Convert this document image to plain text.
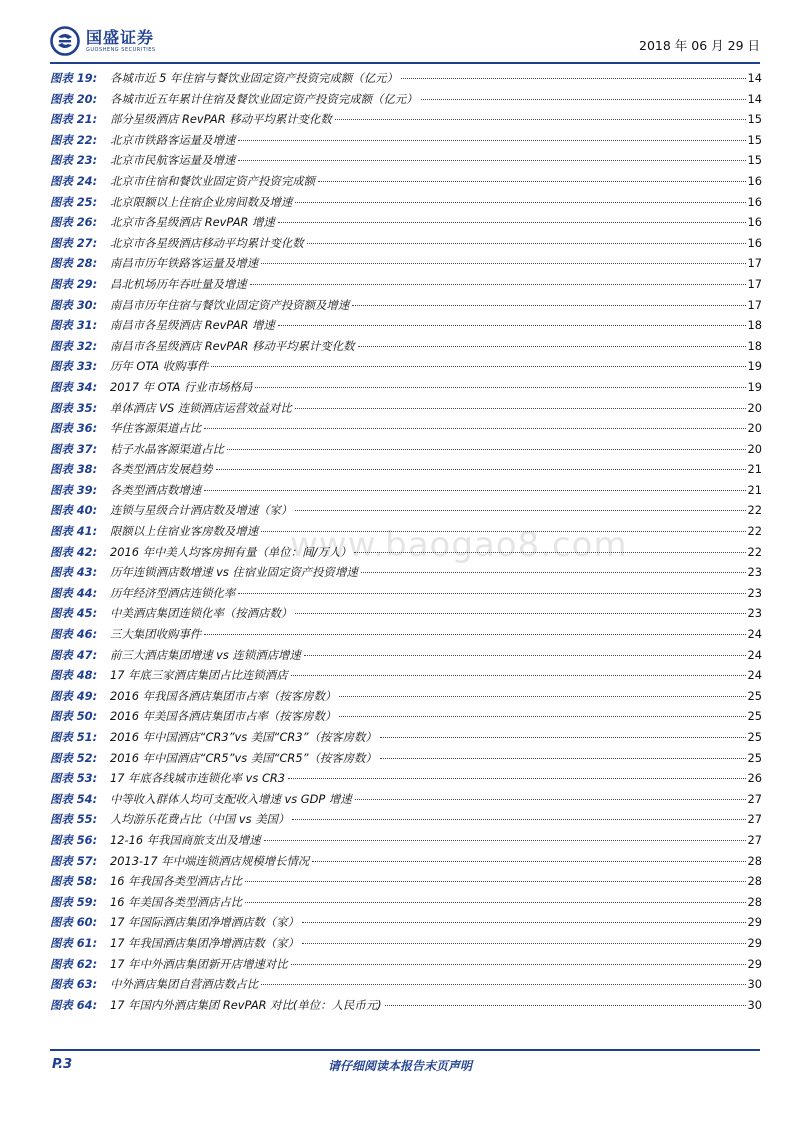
国盛证券
GUOSHENG SECURITIES	2018 年 06 月 29 日
www.baogao8.com
图表 19:	各城市近 5 年住宿与餐饮业固定资产投资完成额（亿元）	14
图表 20:	各城市近五年累计住宿及餐饮业固定资产投资完成额（亿元）	14
图表 21:	部分星级酒店 RevPAR 移动平均累计变化数	15
图表 22:	北京市铁路客运量及增速	15
图表 23:	北京市民航客运量及增速	15
图表 24:	北京市住宿和餐饮业固定资产投资完成额	16
图表 25:	北京限额以上住宿企业房间数及增速	16
图表 26:	北京市各星级酒店 RevPAR 增速	16
图表 27:	北京市各星级酒店移动平均累计变化数	16
图表 28:	南昌市历年铁路客运量及增速	17
图表 29:	昌北机场历年吞吐量及增速	17
图表 30:	南昌市历年住宿与餐饮业固定资产投资额及增速	17
图表 31:	南昌市各星级酒店 RevPAR 增速	18
图表 32:	南昌市各星级酒店 RevPAR 移动平均累计变化数	18
图表 33:	历年 OTA 收购事件	19
图表 34:	2017 年 OTA 行业市场格局	19
图表 35:	单体酒店 VS 连锁酒店运营效益对比	20
图表 36:	华住客源渠道占比	20
图表 37:	桔子水晶客源渠道占比	20
图表 38:	各类型酒店发展趋势	21
图表 39:	各类型酒店数增速	21
图表 40:	连锁与星级合计酒店数及增速（家）	22
图表 41:	限额以上住宿业客房数及增速	22
图表 42:	2016 年中美人均客房拥有量（单位：间/万人）	22
图表 43:	历年连锁酒店数增速 vs 住宿业固定资产投资增速	23
图表 44:	历年经济型酒店连锁化率	23
图表 45:	中美酒店集团连锁化率（按酒店数）	23
图表 46:	三大集团收购事件	24
图表 47:	前三大酒店集团增速 vs 连锁酒店增速	24
图表 48:	17 年底三家酒店集团占比连锁酒店	24
图表 49:	2016 年我国各酒店集团市占率（按客房数）	25
图表 50:	2016 年美国各酒店集团市占率（按客房数）	25
图表 51:	2016 年中国酒店“CR3”vs 美国“CR3”（按客房数）	25
图表 52:	2016 年中国酒店“CR5”vs 美国“CR5”（按客房数）	25
图表 53:	17 年底各线城市连锁化率 vs CR3	26
图表 54:	中等收入群体人均可支配收入增速 vs GDP 增速	27
图表 55:	人均游乐花费占比（中国 vs 美国）	27
图表 56:	12-16 年我国商旅支出及增速	27
图表 57:	2013-17 年中端连锁酒店规模增长情况	28
图表 58:	16 年我国各类型酒店占比	28
图表 59:	16 年美国各类型酒店占比	28
图表 60:	17 年国际酒店集团净增酒店数（家）	29
图表 61:	17 年我国酒店集团净增酒店数（家）	29
图表 62:	17 年中外酒店集团新开店增速对比	29
图表 63:	中外酒店集团自营酒店数占比	30
图表 64:	17 年国内外酒店集团 RevPAR 对比(单位：人民币元)	30
P.3	请仔细阅读本报告末页声明
